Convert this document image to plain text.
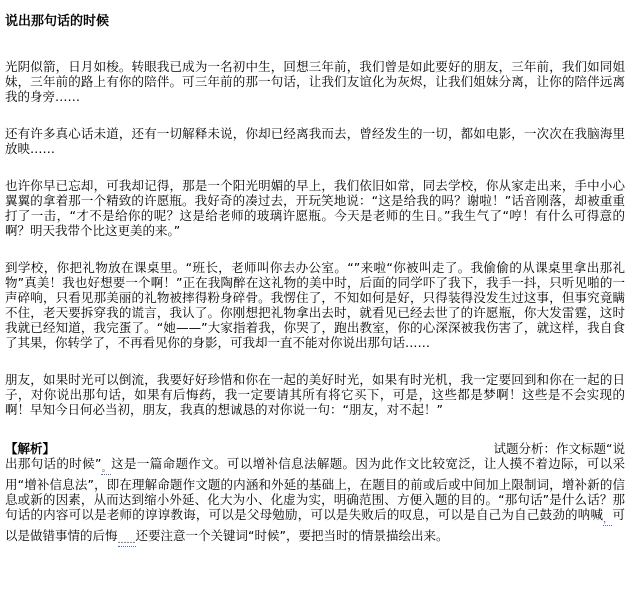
说出那句话的时候

光阴似箭，日月如梭。转眼我已成为一名初中生，回想三年前，我们曾是如此要好的朋友，三年前，我们如同姐妹，三年前的路上有你的陪伴。可三年前的那一句话，让我们友谊化为灰烬，让我们姐妹分离，让你的陪伴远离我的身旁……

还有许多真心话未道，还有一切解释未说，你却已经离我而去，曾经发生的一切，都如电影，一次次在我脑海里放映……

也许你早已忘却，可我却记得，那是一个阳光明媚的早上，我们依旧如常，同去学校，你从家走出来，手中小心翼翼的拿着那一个精致的许愿瓶。我好奇的凑过去，开玩笑地说：“这是给我的吗？谢啦！”话音刚落，却被重重打了一击，“才不是给你的呢？这是给老师的玻璃许愿瓶。今天是老师的生日。”我生气了“哼！有什么可得意的啊？明天我带个比这更美的来。”

到学校，你把礼物放在课桌里。“班长，老师叫你去办公室。“”来啦“你被叫走了。我偷偷的从课桌里拿出那礼物”真美！我也好想要一个啊！”正在我陶醉在这礼物的美中时，后面的同学吓了我下，我手一抖，只听见啪的一声碎响，只看见那美丽的礼物被摔得粉身碎骨。我愣住了，不知如何是好，只得装得没发生过这事，但事究竟瞒不住，老天要拆穿我的谎言，我认了。你刚想把礼物拿出去时，就看见已经去世了的许愿瓶，你大发雷霆，这时我就已经知道，我完蛋了。“她——”大家指着我，你哭了，跑出教室，你的心深深被我伤害了，就这样，我自食了其果，你转学了，不再看见你的身影，可我却一直不能对你说出那句话……

朋友，如果时光可以倒流，我要好好珍惜和你在一起的美好时光，如果有时光机，我一定要回到和你在一起的日子，对你说出那句话，如果有后悔药，我一定要请其所有将它买下，可是，这些都是梦啊！这些是不会实现的啊！早知今日何必当初，朋友，我真的想诚恳的对你说一句：“朋友，对不起！”

【解析】	试题分析：作文标题“说

出那句话的时候$”_。$这是一篇命题作文。可以增补信息法解题。因为此作文比较宽泛，让人摸不着边际，可以采用“增补信息法”，即在理解命题作文题的内涵和外延的基础上，在题目的前或后或中间加上限制词，增补新的信息或新的因素，从而达到缩小外延、化大为小、化虚为实，明确范围、方便入题的目的。“那句话”是什么话？那句话的内容可以是老师的谆谆教诲，可以是父母勉励，可以是失败后的叹息，可以是自己为自己鼓劲的呐喊$_,$可以是做错事情的后悔$_{\dots\dots}$还要注意一个关键词“时候”，要把当时的情景描绘出来。
